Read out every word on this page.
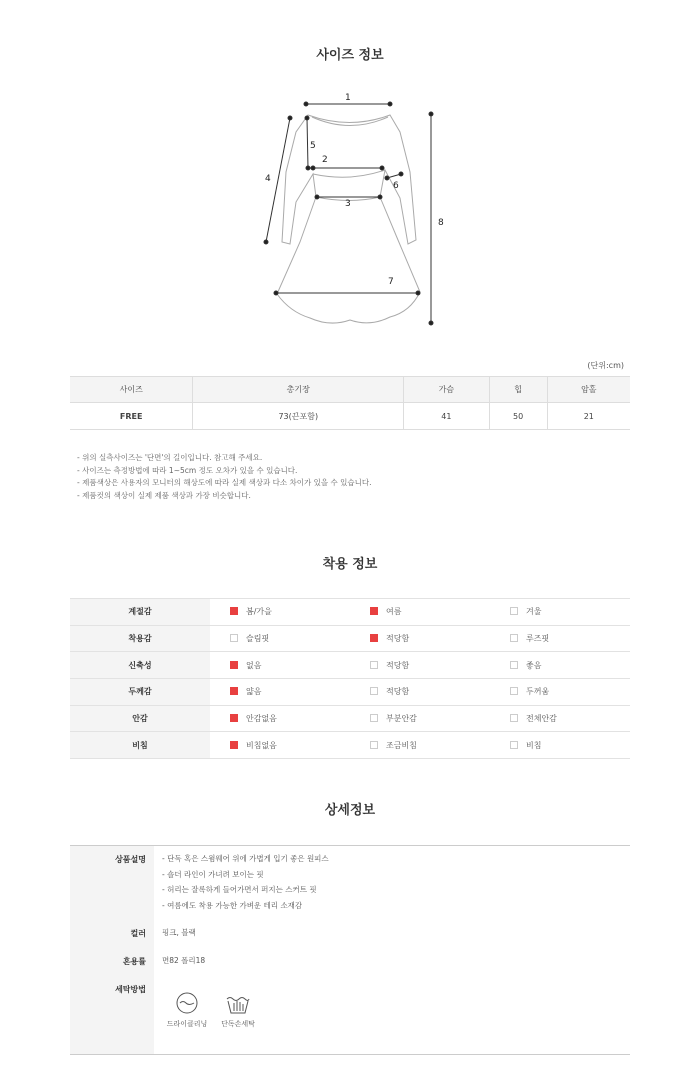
사이즈 정보
1
2
3
4
5
6
7
8
(단위:cm)
사이즈	총기장	가슴	힙	암홀
FREE	73(끈포함)	41	50	21
- 위의 실측사이즈는 '단면'의 길이입니다. 참고해 주세요.
- 사이즈는 측정방법에 따라 1~5cm 정도 오차가 있을 수 있습니다.
- 제품색상은 사용자의 모니터의 해상도에 따라 실제 색상과 다소 차이가 있을 수 있습니다.
- 제품컷의 색상이 실제 제품 색상과 가장 비슷합니다.
착용 정보
계절감	봄/가을	여름	겨울
착용감	슬림핏	적당함	루즈핏
신축성	없음	적당함	좋음
두께감	얇음	적당함	두꺼움
안감	안감없음	부분안감	전체안감
비침	비침없음	조금비침	비침
상세정보
상품설명 - 단독 혹은 스윔웨어 위에 가볍게 입기 좋은 원피스
- 숄더 라인이 가녀려 보이는 핏
- 허리는 잘록하게 들어가면서 퍼지는 스커트 핏
- 여름에도 착용 가능한 가벼운 테리 소재감
컬러 핑크, 블랙
혼용률 면82 폴리18
세탁방법
드라이클리닝	단독손세탁
